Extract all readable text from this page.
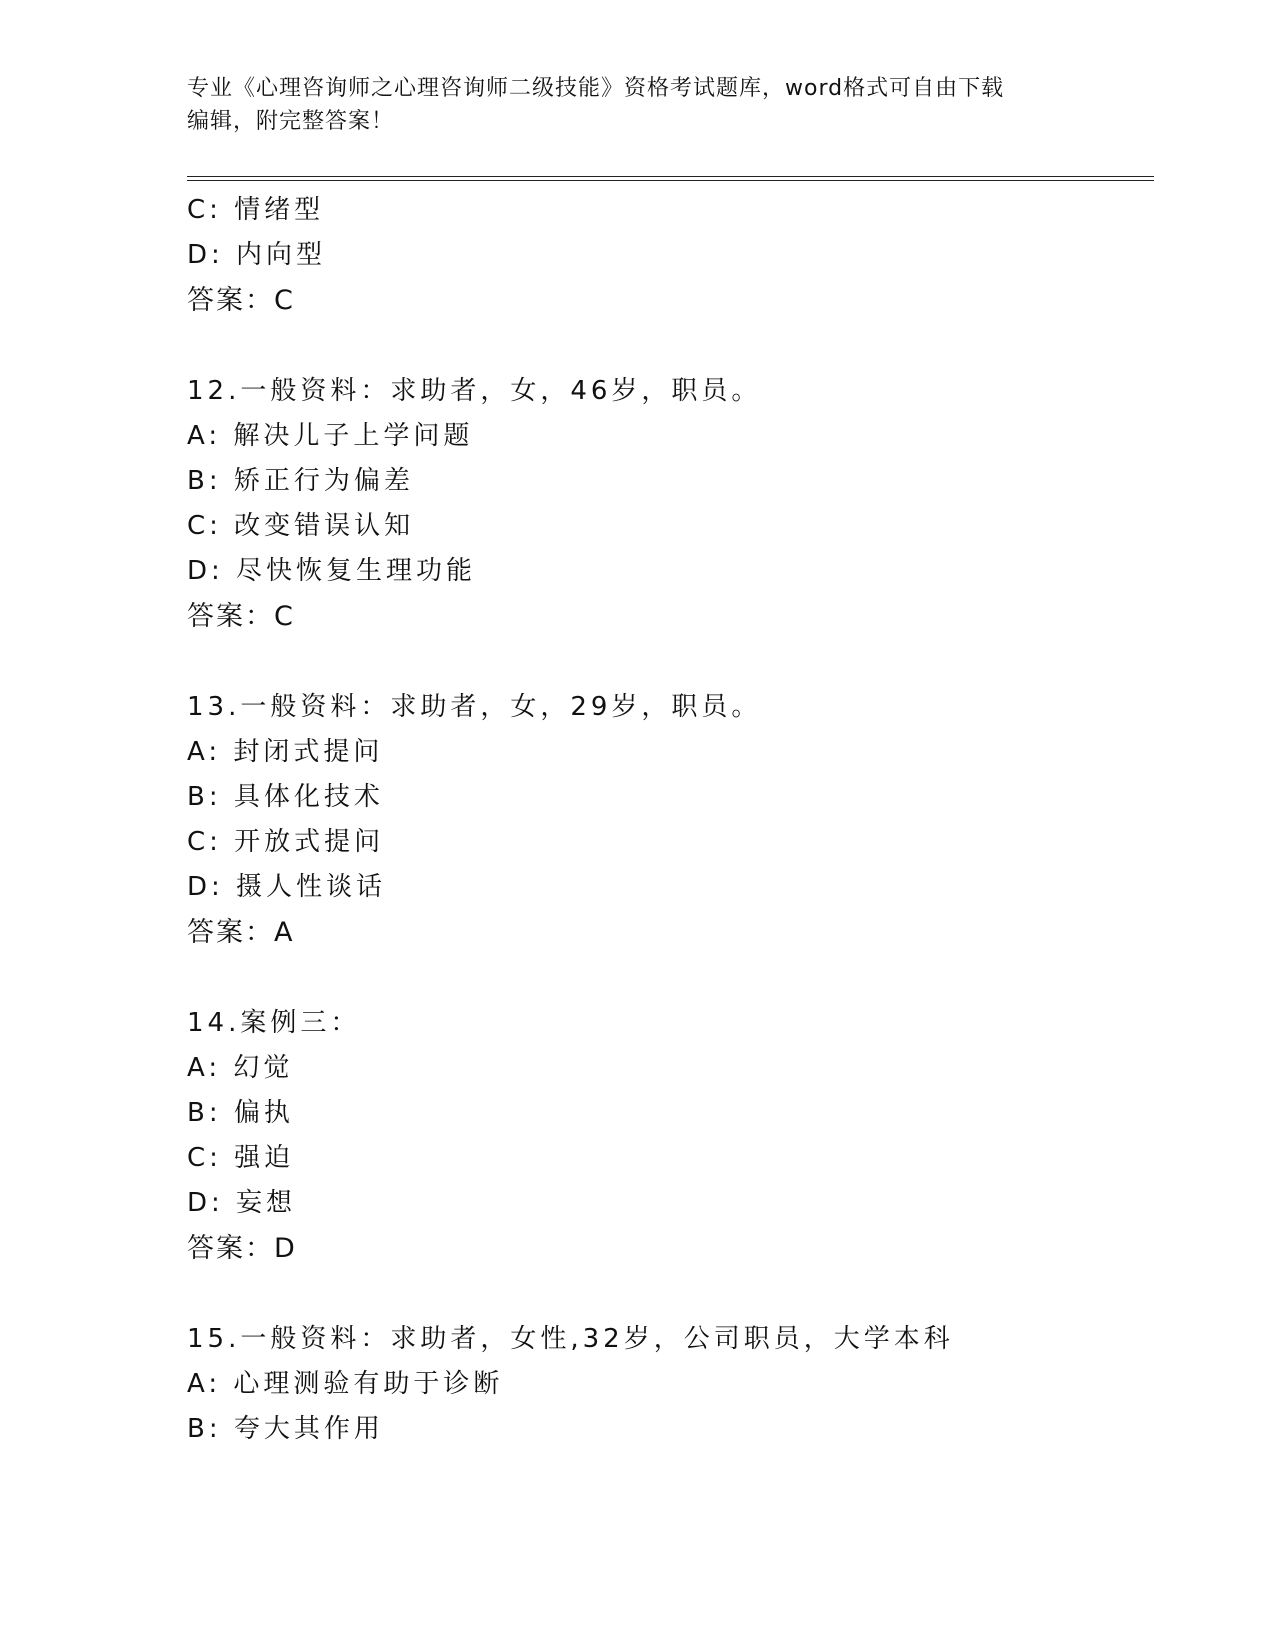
专业《心理咨询师之心理咨询师二级技能》资格考试题库，word格式可自由下载
编辑，附完整答案！
C: 情绪型
D: 内向型
答案：C
12.一般资料：求助者，女，46岁，职员。
A: 解决儿子上学问题
B: 矫正行为偏差
C: 改变错误认知
D: 尽快恢复生理功能
答案：C
13.一般资料：求助者，女，29岁，职员。
A: 封闭式提问
B: 具体化技术
C: 开放式提问
D: 摄人性谈话
答案：A
14.案例三：
A: 幻觉
B: 偏执
C: 强迫
D: 妄想
答案：D
15.一般资料：求助者，女性,32岁，公司职员，大学本科
A: 心理测验有助于诊断
B: 夸大其作用
